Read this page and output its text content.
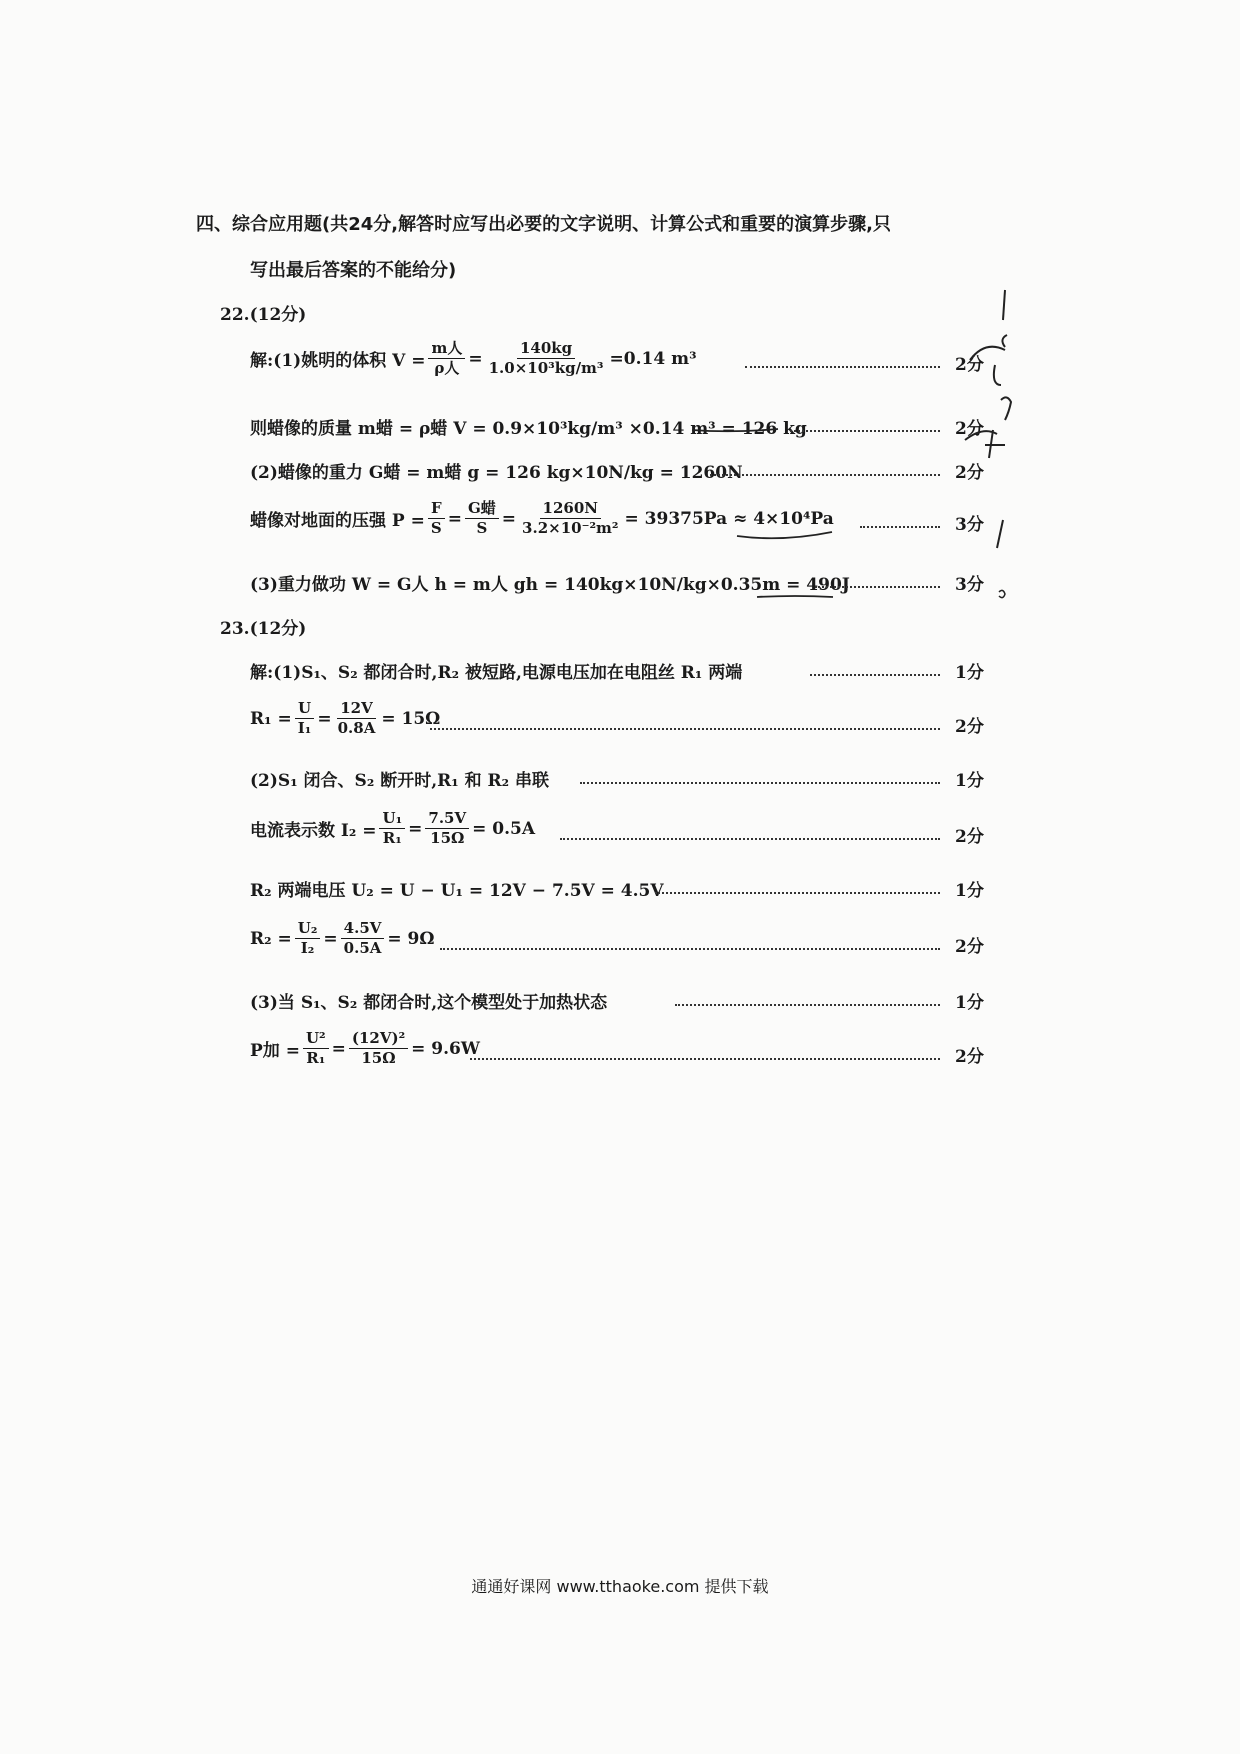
四、综合应用题(共24分,解答时应写出必要的文字说明、计算公式和重要的演算步骤,只
写出最后答案的不能给分)
22.(12分)
解:(1)姚明的体积 $V = \frac{\text{m人}}{\text{ρ人}} = \frac{140kg}{\text{1.0×10³kg/m³}} =0.14$ m³	2分
则蜡像的质量 m蜡 = ρ蜡 V = 0.9×10³kg/m³ ×0.14 m³ = 126 kg	2分
(2)蜡像的重力 G蜡 = m蜡 g = 126 kg×10N/kg = 1260N	2分
蜡像对地面的压强 $P = \frac{F}{S} = \frac{\text{G蜡}}{S} = \frac{1260N}{\text{3.2×10⁻²m²}} = 39375Pa \approx 4\times 10^4Pa$	3分
(3)重力做功 W = G人 h = m人 gh = 140kg×10N/kg×0.35m = 490J	3分
23.(12分)
解:(1)S₁、S₂ 都闭合时,R₂ 被短路,电源电压加在电阻丝 R₁ 两端	1分
$R_1 = \frac{U}{\text{I₁}} = \frac{12V}{0.8A} = 15\Omega$	2分
(2)S₁ 闭合、S₂ 断开时,R₁ 和 R₂ 串联	1分
电流表示数 $I_2 = \frac{\text{U₁}}{\text{R₁}} = \frac{7.5V}{15\Omega} = 0.5A$	2分
R₂ 两端电压 U₂ = U − U₁ = 12V − 7.5V = 4.5V	1分
$R_2 = \frac{\text{U₂}}{\text{I₂}} = \frac{4.5V}{0.5A} = 9\Omega$	2分
(3)当 S₁、S₂ 都闭合时,这个模型处于加热状态	1分
P加 = $\frac{\text{U²}}{\text{R₁}} = \frac{\text{(12V)²}}{15\Omega} = 9.6W$	2分
通通好课网 www.tthaoke.com 提供下载
